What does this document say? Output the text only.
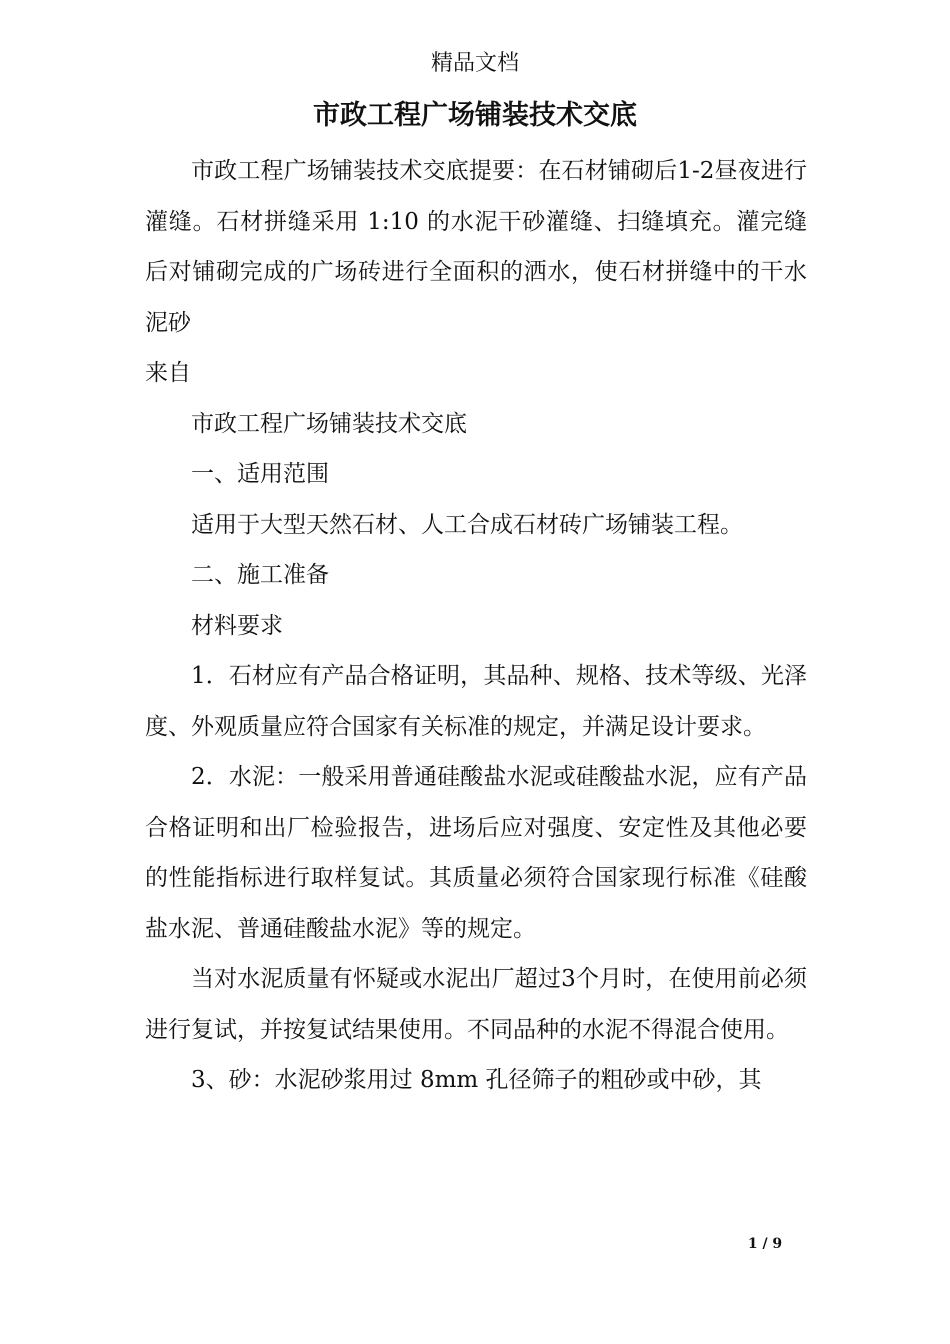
精品文档
市政工程广场铺装技术交底

市政工程广场铺装技术交底提要：在石材铺砌后1-2昼夜进行灌缝。石材拼缝采用 1:10 的水泥干砂灌缝、扫缝填充。灌完缝后对铺砌完成的广场砖进行全面积的洒水，使石材拼缝中的干水泥砂

来自

市政工程广场铺装技术交底

一、适用范围

适用于大型天然石材、人工合成石材砖广场铺装工程。

二、施工准备

材料要求

1．石材应有产品合格证明，其品种、规格、技术等级、光泽度、外观质量应符合国家有关标准的规定，并满足设计要求。

2．水泥：一般采用普通硅酸盐水泥或硅酸盐水泥，应有产品合格证明和出厂检验报告，进场后应对强度、安定性及其他必要的性能指标进行取样复试。其质量必须符合国家现行标准《硅酸盐水泥、普通硅酸盐水泥》等的规定。

当对水泥质量有怀疑或水泥出厂超过3个月时，在使用前必须进行复试，并按复试结果使用。不同品种的水泥不得混合使用。

3、砂：水泥砂浆用过 8mm 孔径筛子的粗砂或中砂，其

1 / 9
